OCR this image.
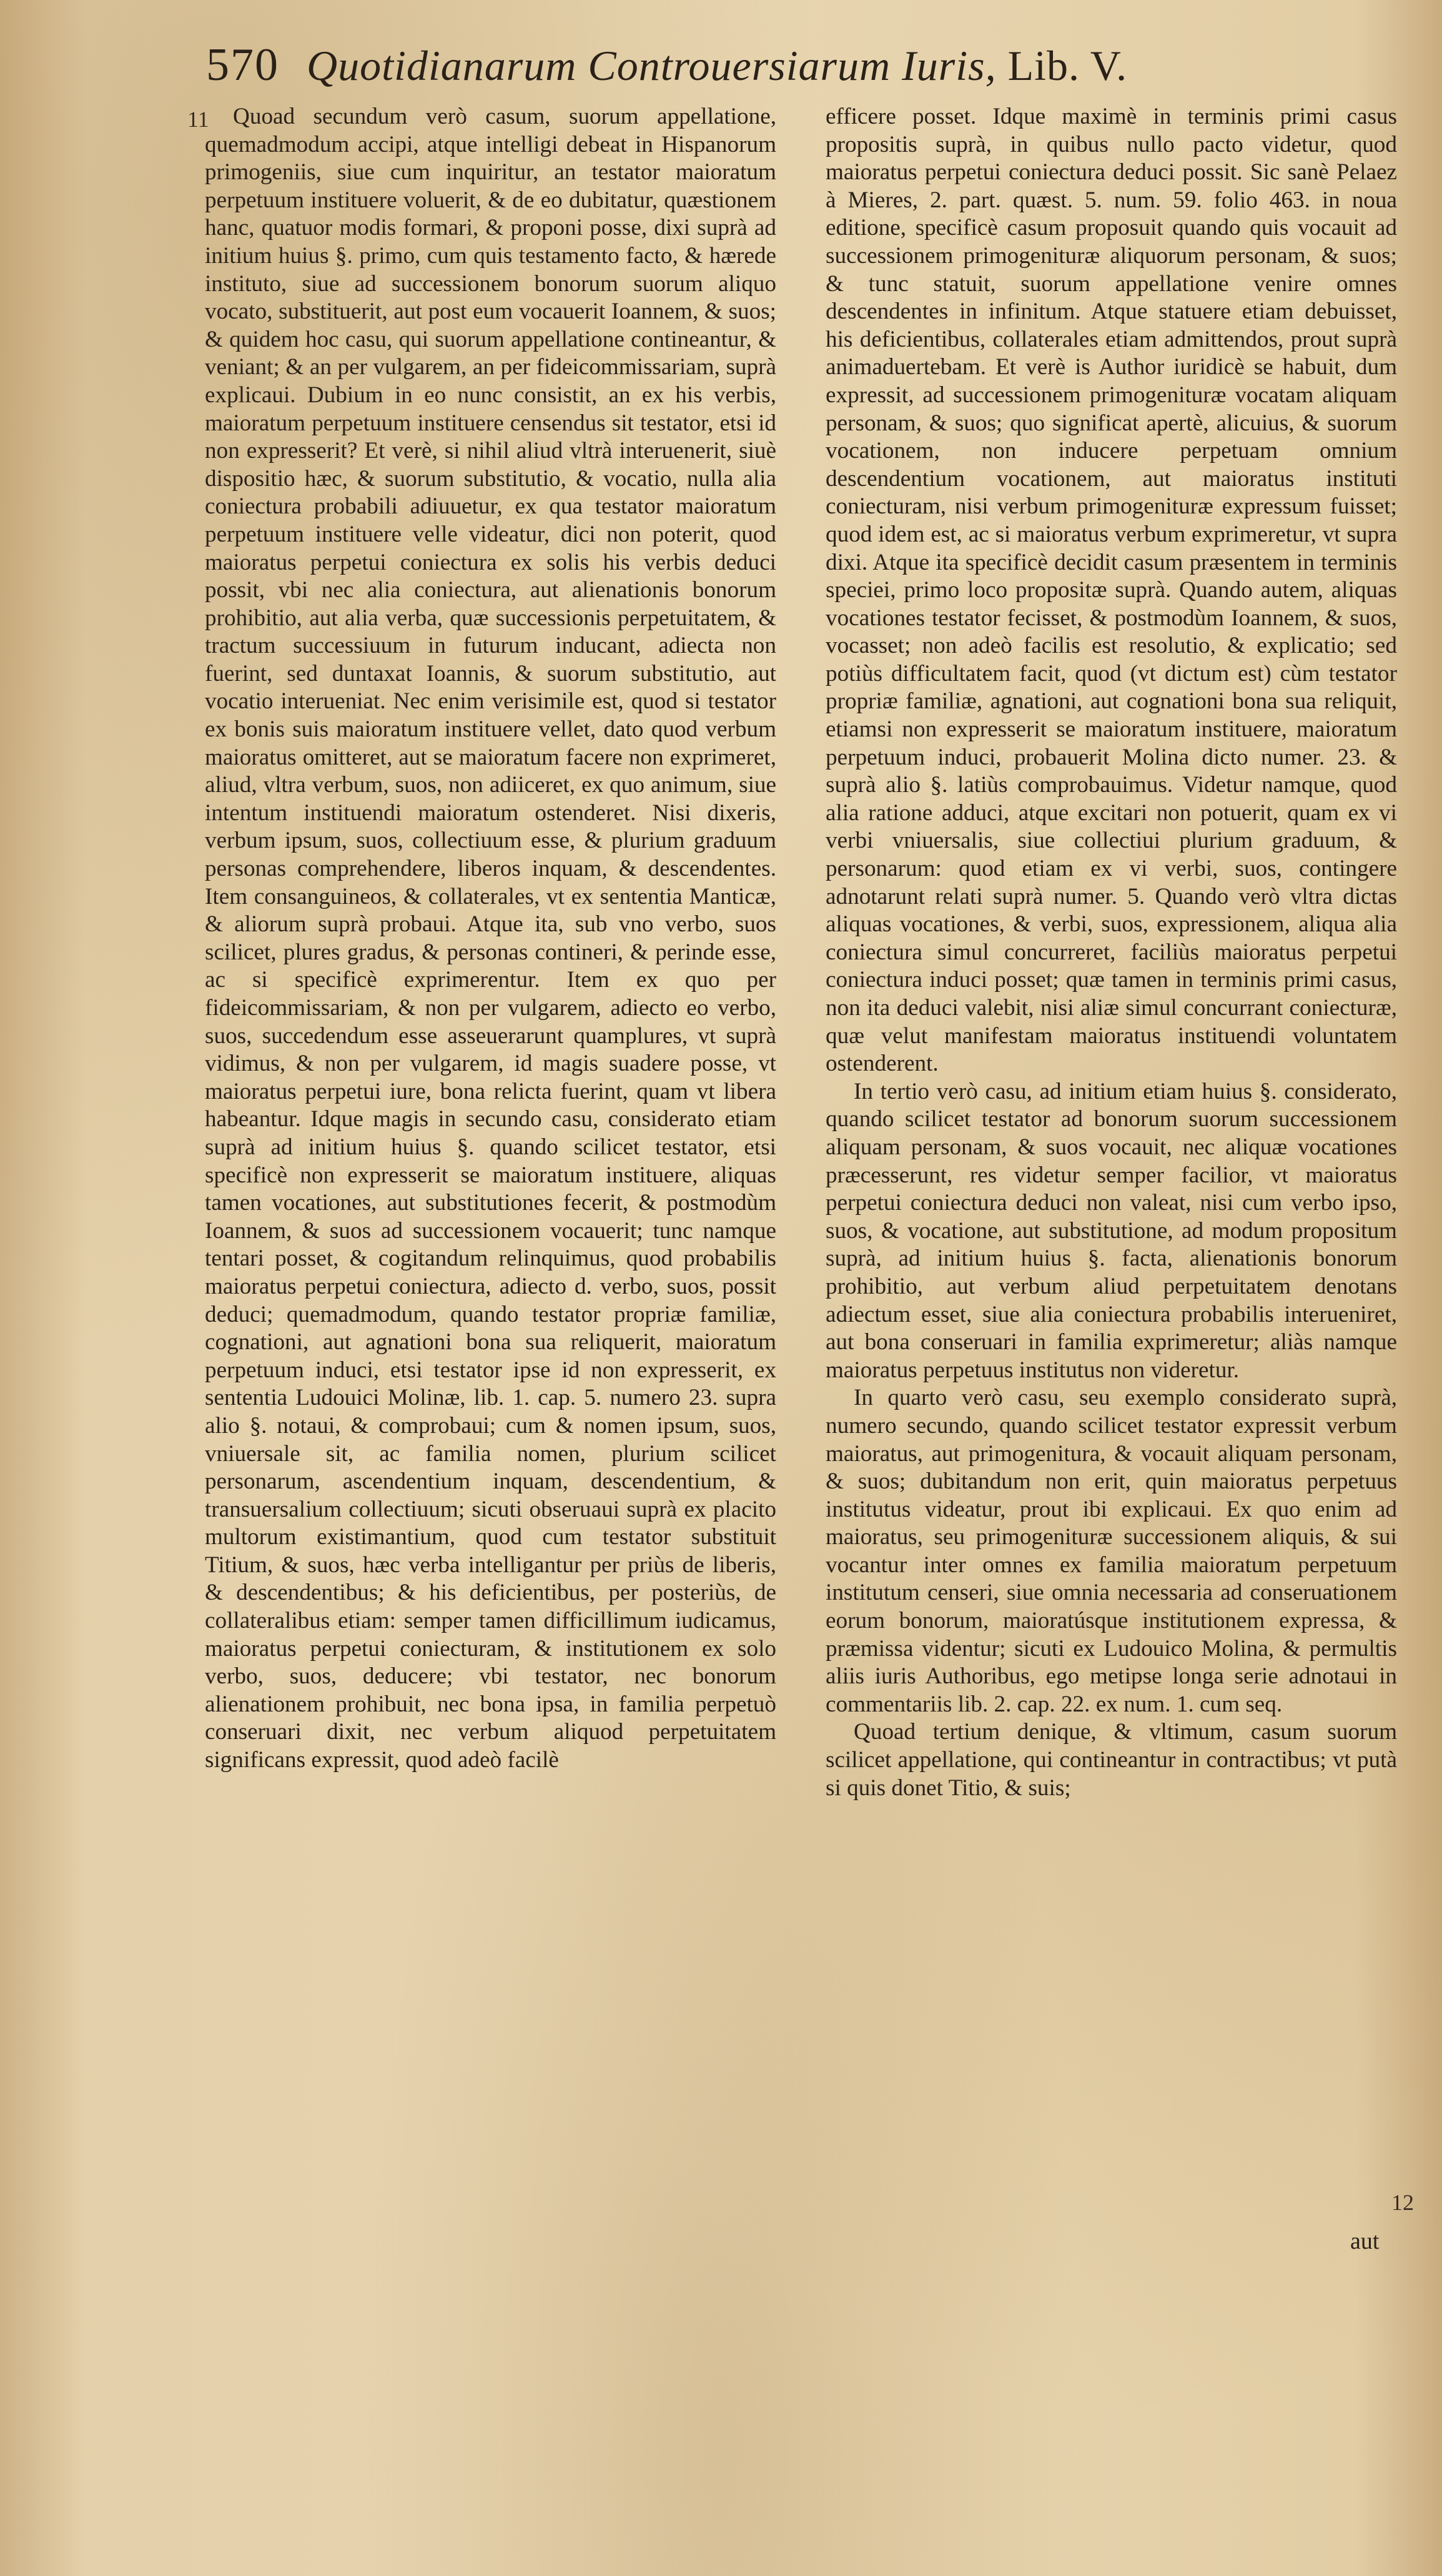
570 Quotidianarum Controuersiarum Iuris, Lib. V.
11	Quoad secundum verò casum, suorum appellatione, quemadmodum accipi, atque intelligi debeat in Hispanorum primogeniis, siue cum inquiritur, an testator maioratum perpetuum instituere voluerit, & de eo dubitatur, quæstionem hanc, quatuor modis formari, & proponi posse, dixi suprà ad initium huius §. primo, cum quis testamento facto, & hærede instituto, siue ad successionem bonorum suorum aliquo vocato, substituerit, aut post eum vocauerit Ioannem, & suos; & quidem hoc casu, qui suorum appellatione contineantur, & veniant; & an per vulgarem, an per fideicommissariam, suprà explicaui. Dubium in eo nunc consistit, an ex his verbis, maioratum perpetuum instituere censendus sit testator, etsi id non expresserit? Et verè, si nihil aliud vltrà interuenerit, siuè dispositio hæc, & suorum substitutio, & vocatio, nulla alia coniectura probabili adiuuetur, ex qua testator maioratum perpetuum instituere velle videatur, dici non poterit, quod maioratus perpetui coniectura ex solis his verbis deduci possit, vbi nec alia coniectura, aut alienationis bonorum prohibitio, aut alia verba, quæ successionis perpetuitatem, & tractum successiuum in futurum inducant, adiecta non fuerint, sed duntaxat Ioannis, & suorum substitutio, aut vocatio interueniat. Nec enim verisimile est, quod si testator ex bonis suis maioratum instituere vellet, dato quod verbum maioratus omitteret, aut se maioratum facere non exprimeret, aliud, vltra verbum, suos, non adiiceret, ex quo animum, siue intentum instituendi maioratum ostenderet. Nisi dixeris, verbum ipsum, suos, collectiuum esse, & plurium graduum personas comprehendere, liberos inquam, & descendentes. Item consanguineos, & collaterales, vt ex sententia Manticæ, & aliorum suprà probaui. Atque ita, sub vno verbo, suos scilicet, plures gradus, & personas contineri, & perinde esse, ac si specificè exprimerentur. Item ex quo per fideicommissariam, & non per vulgarem, adiecto eo verbo, suos, succedendum esse asseuerarunt quamplures, vt suprà vidimus, & non per vulgarem, id magis suadere posse, vt maioratus perpetui iure, bona relicta fuerint, quam vt libera habeantur. Idque magis in secundo casu, considerato etiam suprà ad initium huius §. quando scilicet testator, etsi specificè non expresserit se maioratum instituere, aliquas tamen vocationes, aut substitutiones fecerit, & postmodùm Ioannem, & suos ad successionem vocauerit; tunc namque tentari posset, & cogitandum relinquimus, quod probabilis maioratus perpetui coniectura, adiecto d. verbo, suos, possit deduci; quemadmodum, quando testator propriæ familiæ, cognationi, aut agnationi bona sua reliquerit, maioratum perpetuum induci, etsi testator ipse id non expresserit, ex sententia Ludouici Molinæ, lib. 1. cap. 5. numero 23. supra alio §. notaui, & comprobaui; cum & nomen ipsum, suos, vniuersale sit, ac familia nomen, plurium scilicet personarum, ascendentium inquam, descendentium, & transuersalium collectiuum; sicuti obseruaui suprà ex placito multorum existimantium, quod cum testator substituit Titium, & suos, hæc verba intelligantur per priùs de liberis, & descendentibus; & his deficientibus, per posteriùs, de collateralibus etiam: semper tamen difficillimum iudicamus, maioratus perpetui coniecturam, & institutionem ex solo verbo, suos, deducere; vbi testator, nec bonorum alienationem prohibuit, nec bona ipsa, in familia perpetuò conseruari dixit, nec verbum aliquod perpetuitatem significans expressit, quod adeò facilè

efficere posset. Idque maximè in terminis primi casus propositis suprà, in quibus nullo pacto videtur, quod maioratus perpetui coniectura deduci possit. Sic sanè Pelaez à Mieres, 2. part. quæst. 5. num. 59. folio 463. in noua editione, specificè casum proposuit quando quis vocauit ad successionem primogenituræ aliquorum personam, & suos; & tunc statuit, suorum appellatione venire omnes descendentes in infinitum. Atque statuere etiam debuisset, his deficientibus, collaterales etiam admittendos, prout suprà animaduertebam. Et verè is Author iuridicè se habuit, dum expressit, ad successionem primogenituræ vocatam aliquam personam, & suos; quo significat apertè, alicuius, & suorum vocationem, non inducere perpetuam omnium descendentium vocationem, aut maioratus instituti coniecturam, nisi verbum primogenituræ expressum fuisset; quod idem est, ac si maioratus verbum exprimeretur, vt supra dixi. Atque ita specificè decidit casum præsentem in terminis speciei, primo loco propositæ suprà. Quando autem, aliquas vocationes testator fecisset, & postmodùm Ioannem, & suos, vocasset; non adeò facilis est resolutio, & explicatio; sed potiùs difficultatem facit, quod (vt dictum est) cùm testator propriæ familiæ, agnationi, aut cognationi bona sua reliquit, etiamsi non expresserit se maioratum instituere, maioratum perpetuum induci, probauerit Molina dicto numer. 23. & suprà alio §. latiùs comprobauimus. Videtur namque, quod alia ratione adduci, atque excitari non potuerit, quam ex vi verbi vniuersalis, siue collectiui plurium graduum, & personarum: quod etiam ex vi verbi, suos, contingere adnotarunt relati suprà numer. 5. Quando verò vltra dictas aliquas vocationes, & verbi, suos, expressionem, aliqua alia coniectura simul concurreret, faciliùs maioratus perpetui coniectura induci posset; quæ tamen in terminis primi casus, non ita deduci valebit, nisi aliæ simul concurrant coniecturæ, quæ velut manifestam maioratus instituendi voluntatem ostenderent.

In tertio verò casu, ad initium etiam huius §. considerato, quando scilicet testator ad bonorum suorum successionem aliquam personam, & suos vocauit, nec aliquæ vocationes præcesserunt, res videtur semper facilior, vt maioratus perpetui coniectura deduci non valeat, nisi cum verbo ipso, suos, & vocatione, aut substitutione, ad modum propositum suprà, ad initium huius §. facta, alienationis bonorum prohibitio, aut verbum aliud perpetuitatem denotans adiectum esset, siue alia coniectura probabilis interueniret, aut bona conseruari in familia exprimeretur; aliàs namque maioratus perpetuus institutus non videretur.

In quarto verò casu, seu exemplo considerato suprà, numero secundo, quando scilicet testator expressit verbum maioratus, aut primogenitura, & vocauit aliquam personam, & suos; dubitandum non erit, quin maioratus perpetuus institutus videatur, prout ibi explicaui. Ex quo enim ad maioratus, seu primogenituræ successionem aliquis, & sui vocantur inter omnes ex familia maioratum perpetuum institutum censeri, siue omnia necessaria ad conseruationem eorum bonorum, maioratúsque institutionem expressa, & præmissa videntur; sicuti ex Ludouico Molina, & permultis aliis iuris Authoribus, ego metipse longa serie adnotaui in commentariis lib. 2. cap. 22. ex num. 1. cum seq.

Quoad tertium denique, & vltimum, casum suorum scilicet appellatione, qui contineantur in contractibus; vt putà si quis donet Titio, & suis;

12
aut
